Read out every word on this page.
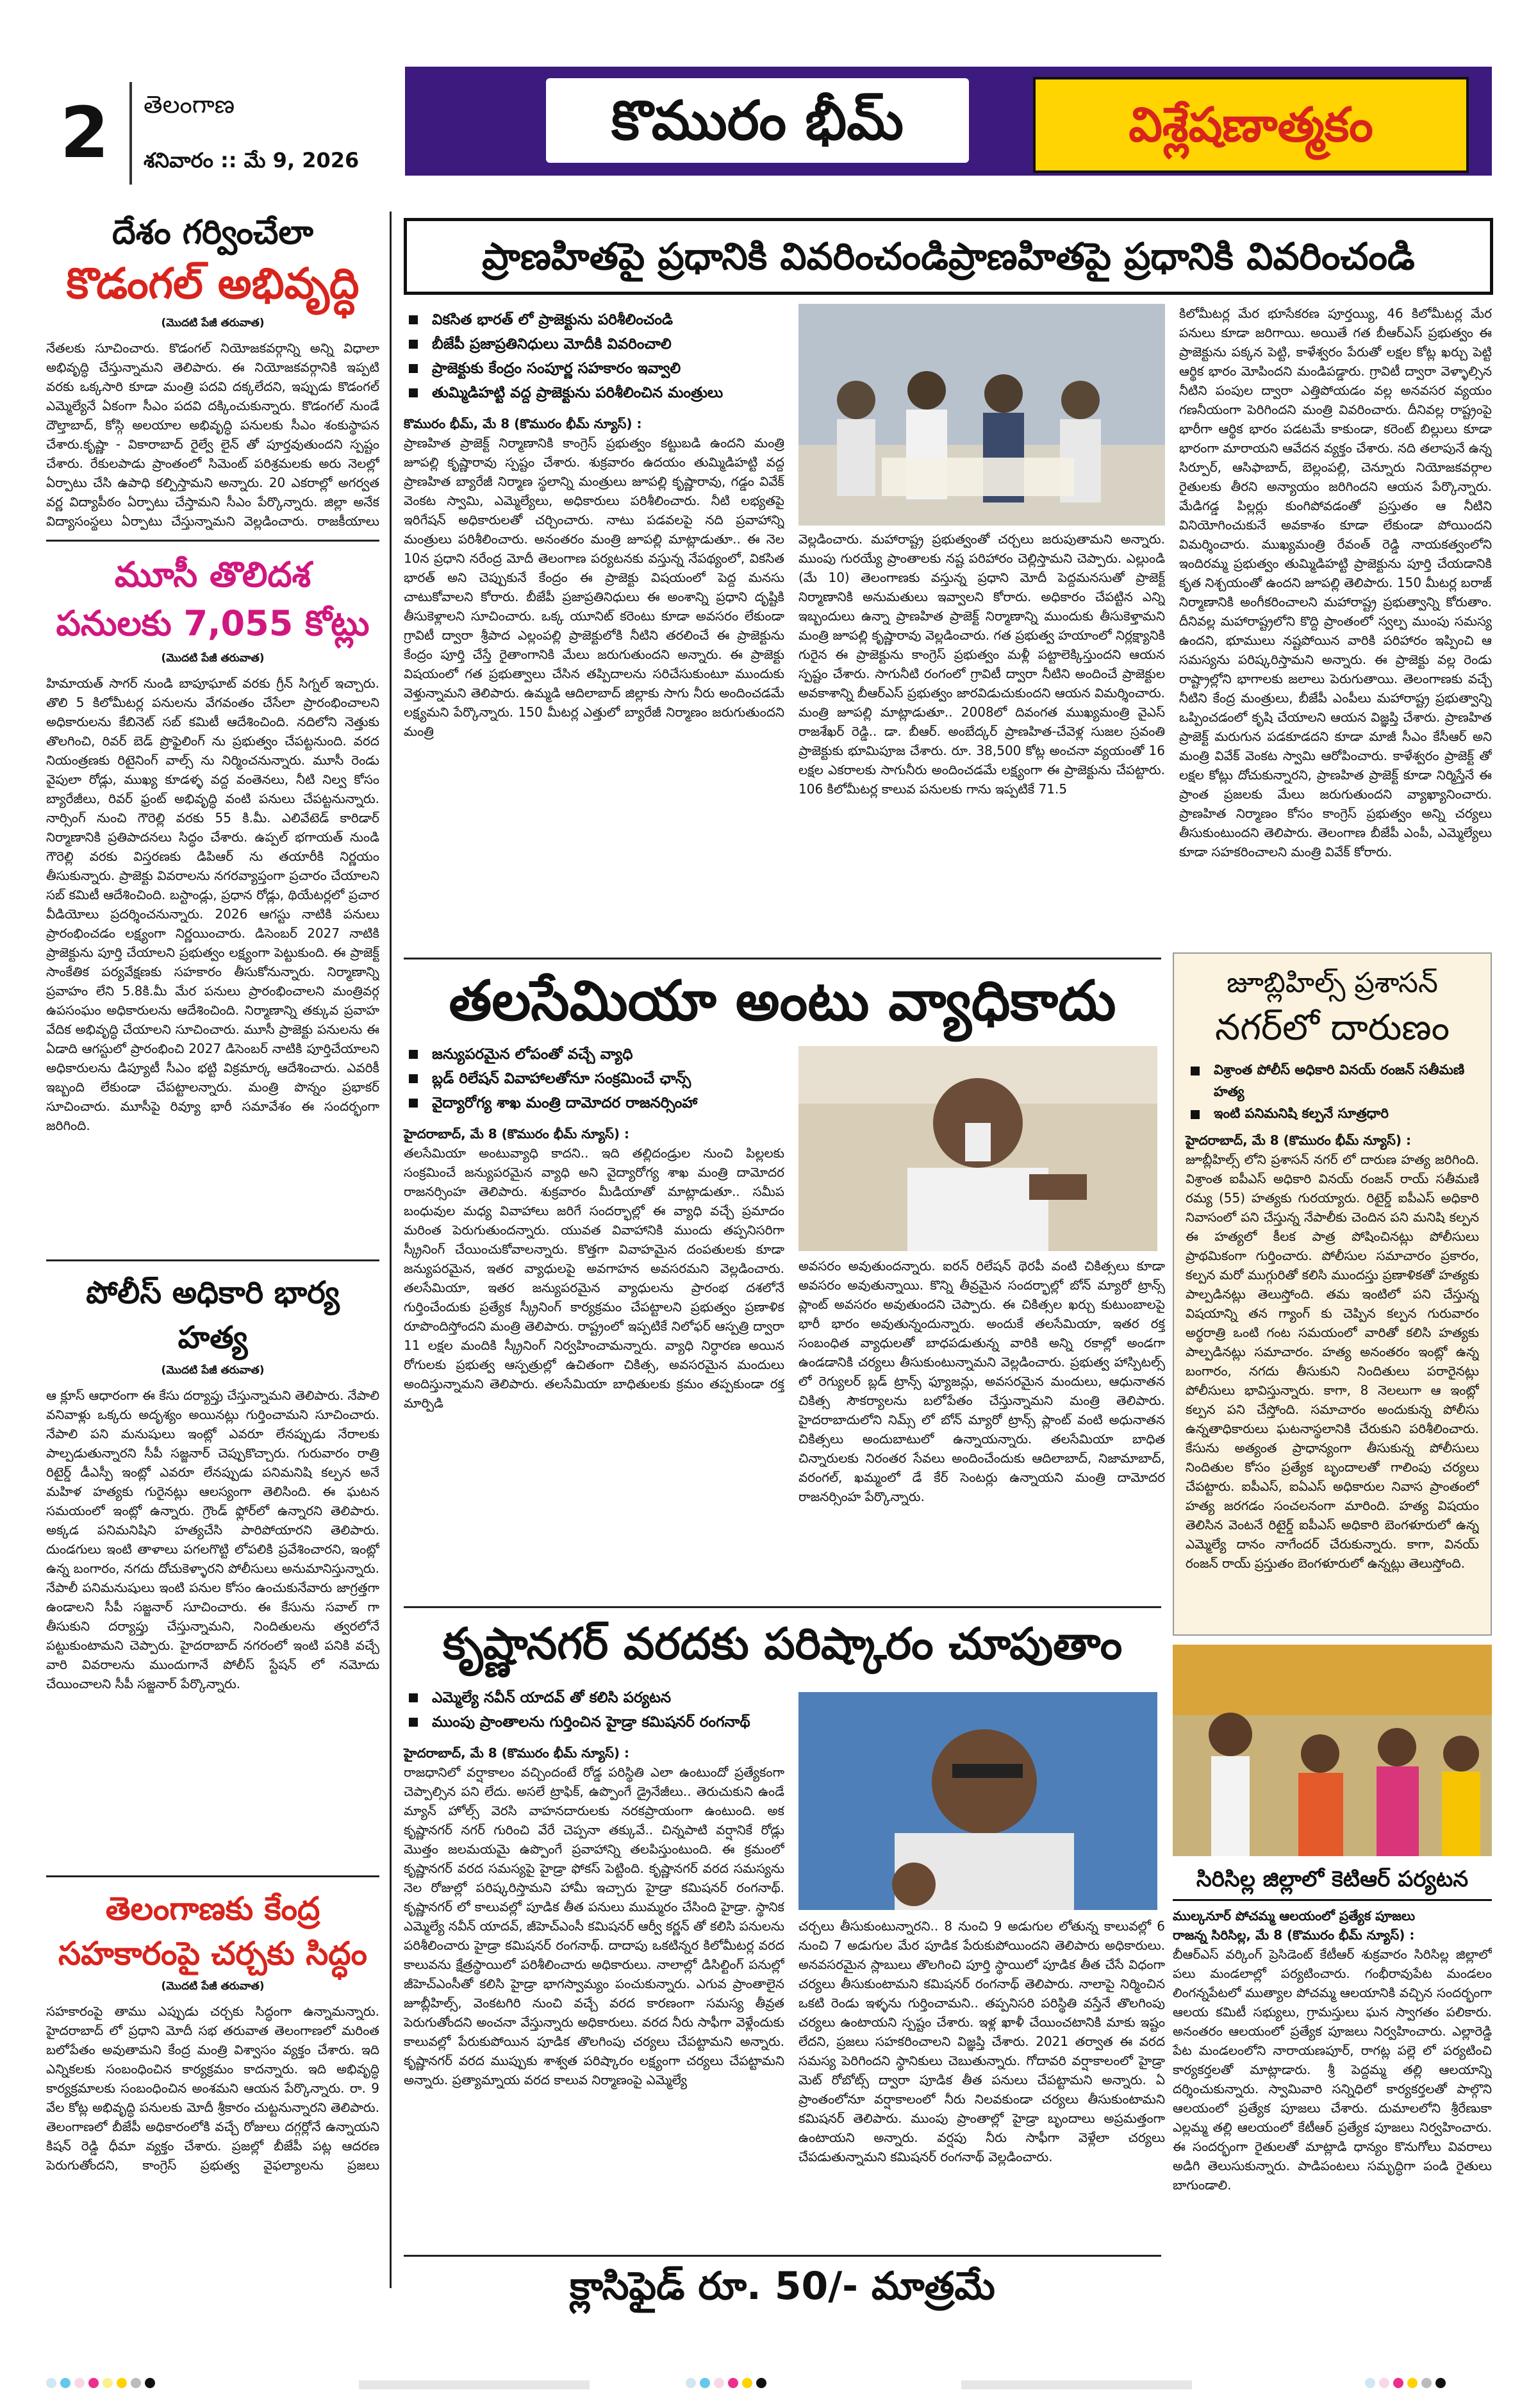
2	తెలంగాణ
శనివారం :: మే 9, 2026
కొమురం భీమ్	విశ్లేషణాత్మకం
దేశం గర్వించేలా
కొడంగల్ అభివృద్ధి
(మొదటి పేజీ తరువాత)

నేతలకు సూచించారు. కొడంగల్ నియోజకవర్గాన్ని అన్ని విధాలా అభివృద్ధి చేస్తున్నామని తెలిపారు. ఈ నియోజకవర్గానికి ఇప్పటి వరకు ఒక్కసారి కూడా మంత్రి పదవి దక్కలేదని, ఇప్పుడు కొడంగల్ ఎమ్మెల్యేనే ఏకంగా సీఎం పదవి దక్కించుకున్నారు. కొడంగల్ నుండే దౌల్తాబాద్, కోస్గి అలయాల అభివృద్ధి పనులకు సీఎం శంకుస్థాపన చేశారు.కృష్ణా - వికారాబాద్ రైల్వే లైన్ తో పూర్తవుతుందని స్పష్టం చేశారు. రేకులపాడు ప్రాంతంలో సిమెంట్ పరిశ్రమలకు అరు నెలల్లో ఏర్పాటు చేసి ఉపాధి కల్పిస్తామని అన్నారు. 20 ఎకరాల్లో అగర్వత వర్ణ విద్యాపీఠం ఏర్పాటు చేస్తామని సీఎం పేర్కొన్నారు. జిల్లా అనేక విద్యాసంస్థలు ఏర్పాటు చేస్తున్నామని వెల్లడించారు. రాజకీయాలు

మూసీ తొలిదశ
పనులకు 7,055 కోట్లు
(మొదటి పేజీ తరువాత)

హిమాయత్ సాగర్ నుండి బాపూఘాట్ వరకు గ్రీన్ సిగ్నల్ ఇచ్చారు. తొలి 5 కిలోమీటర్ల పనులను వేగవంతం చేసేలా ప్రారంభించాలని అధికారులను కేబినెట్ సబ్ కమిటీ ఆదేశించింది. నదిలోని నెత్తుకు తొలగించి, రివర్ బెడ్ ప్రొఫైలింగ్ ను ప్రభుత్వం చేపట్టనుంది. వరద నియంత్రణకు రిటైనింగ్ వాల్స్ ను నిర్మించనున్నారు. మూసీ రెండు వైపులా రోడ్లు, ముఖ్య కూడళ్ళ వద్ద వంతెనలు, నీటి నిల్వ కోసం బ్యారేజీలు, రివర్ ఫ్రంట్ అభివృద్ధి వంటి పనులు చేపట్టనున్నారు. నార్సింగ్ నుంచి గౌరెల్లి వరకు 55 కి.మీ. ఎలివేటెడ్ కారిడార్ నిర్మాణానికి ప్రతిపాదనలు సిద్ధం చేశారు. ఉప్పల్ భగాయత్ నుండి గౌరెల్లి వరకు విస్తరణకు డిపిఆర్ ను తయారీకి నిర్ణయం తీసుకున్నారు. ప్రాజెక్టు వివరాలను నగరవ్యాప్తంగా ప్రచారం చేయాలని సబ్ కమిటీ ఆదేశించింది. బస్టాండ్లు, ప్రధాన రోడ్లు, థియేటర్లలో ప్రచార వీడియోలు ప్రదర్శించనున్నారు. 2026 ఆగస్టు నాటికి పనులు ప్రారంభించడం లక్ష్యంగా నిర్ణయించారు. డిసెంబర్ 2027 నాటికి ప్రాజెక్టును పూర్తి చేయాలని ప్రభుత్వం లక్ష్యంగా పెట్టుకుంది. ఈ ప్రాజెక్ట్ సాంకేతిక పర్యవేక్షణకు సహకారం తీసుకోనున్నారు. నిర్మాణాన్ని ప్రవాహం లేని 5.8కి.మీ మేర పనులు ప్రారంభించాలని మంత్రివర్గ ఉపసంఘం అధికారులను ఆదేశించింది. నిర్మాణాన్ని తక్కువ ప్రవాహ వేదిక అభివృద్ధి చేయాలని సూచించారు. మూసీ ప్రాజెక్టు పనులను ఈ ఏడాది ఆగస్టులో ప్రారంభించి 2027 డిసెంబర్ నాటికి పూర్తిచేయాలని అధికారులను డిప్యూటీ సీఎం భట్టి విక్రమార్క ఆదేశించారు. ఎవరికీ ఇబ్బంది లేకుండా చేపట్టాలన్నారు. మంత్రి పొన్నం ప్రభాకర్ సూచించారు. మూసీపై రివ్యూ భారీ సమావేశం ఈ సందర్భంగా జరిగింది.

పోలీస్ అధికారి భార్య హత్య
(మొదటి పేజీ తరువాత)

ఆ క్లూస్ ఆధారంగా ఈ కేసు దర్యాప్తు చేస్తున్నామని తెలిపారు. నేపాలి వనివాళ్లు ఒక్కరు అదృశ్యం అయినట్లు గుర్తించామని సూచించారు. నేపాలి పని మనుషులు ఇంట్లో ఎవరూ లేనప్పుడు నేరాలకు పాల్పడుతున్నారని సీపీ సజ్జనార్ చెప్పుకొచ్చారు. గురువారం రాత్రి రిటైర్డ్ డీఎస్పీ ఇంట్లో ఎవరూ లేనప్పుడు పనిమనిషి కల్పన అనే మహిళ హత్యకు గురైనట్లు ఆలస్యంగా తెలిసింది. ఈ ఘటన సమయంలో ఇంట్లో ఉన్నారు. గ్రౌండ్ ఫ్లోర్‌లో ఉన్నారని తెలిపారు. అక్కడ పనిమనిషిని హత్యచేసి పారిపోయారని తెలిపారు. దుండగులు ఇంటి తాళాలు పగలగొట్టి లోపలికి ప్రవేశించారని, ఇంట్లో ఉన్న బంగారం, నగదు దోచుకెళ్ళారని పోలీసులు అనుమానిస్తున్నారు. నేపాలీ పనిమనుషులు ఇంటి పనుల కోసం ఉంచుకునేవారు జాగ్రత్తగా ఉండాలని సీపీ సజ్జనార్ సూచించారు. ఈ కేసును సవాల్ గా తీసుకుని దర్యాప్తు చేస్తున్నామని, నిందితులను త్వరలోనే పట్టుకుంటామని చెప్పారు. హైదరాబాద్ నగరంలో ఇంటి పనికి వచ్చే వారి వివరాలను ముందుగానే పోలీస్ స్టేషన్ లో నమోదు చేయించాలని సీపీ సజ్జనార్ పేర్కొన్నారు.

తెలంగాణకు కేంద్ర
సహకారంపై చర్చకు సిద్ధం
(మొదటి పేజీ తరువాత)

సహకారంపై తాము ఎప్పుడు చర్చకు సిద్ధంగా ఉన్నామన్నారు. హైదరాబాద్ లో ప్రధాని మోదీ సభ తరువాత తెలంగాణలో మరింత బలోపేతం అవుతామని కేంద్ర మంత్రి విశ్వాసం వ్యక్తం చేశారు. ఇది ఎన్నికలకు సంబంధించిన కార్యక్రమం కాదన్నారు. ఇది అభివృద్ధి కార్యక్రమాలకు సంబంధించిన అంశమని ఆయన పేర్కొన్నారు. రా. 9 వేల కోట్ల అభివృద్ధి పనులకు మోదీ శ్రీకారం చుట్టనున్నారని తెలిపారు. తెలంగాణలో బీజేపీ అధికారంలోకి వచ్చే రోజులు దగ్గర్లోనే ఉన్నాయని కిషన్ రెడ్డి ధీమా వ్యక్తం చేశారు. ప్రజల్లో బీజేపీ పట్ల ఆదరణ పెరుగుతోందని, కాంగ్రెస్ ప్రభుత్వ వైఫల్యాలను ప్రజలు

ప్రాణహితపై ప్రధానికి వివరించండిప్రాణహితపై ప్రధానికి వివరించండి
వికసిత భారత్ లో ప్రాజెక్టును పరిశీలించండి
బీజేపీ ప్రజాప్రతినిధులు మోదీకి వివరించాలి
ప్రాజెక్టుకు కేంద్రం సంపూర్ణ సహకారం ఇవ్వాలి
తుమ్మిడిహట్టి వద్ద ప్రాజెక్టును పరిశీలించిన మంత్రులు
కొమురం భీమ్, మే 8 (కొమురం భీమ్ న్యూస్) :

ప్రాణహిత ప్రాజెక్ట్ నిర్మాణానికి కాంగ్రెస్ ప్రభుత్వం కట్టుబడి ఉందని మంత్రి జూపల్లి కృష్ణారావు స్పష్టం చేశారు. శుక్రవారం ఉదయం తుమ్మిడిహట్టి వద్ద ప్రాణహిత బ్యారేజీ నిర్మాణ స్థలాన్ని మంత్రులు జూపల్లి కృష్ణారావు, గడ్డం వివేక్ వెంకట స్వామి, ఎమ్మెల్యేలు, అధికారులు పరిశీలించారు. నీటి లభ్యతపై ఇరిగేషన్ అధికారులతో చర్చించారు. నాటు పడవలపై నది ప్రవాహాన్ని మంత్రులు పరిశీలించారు. అనంతరం మంత్రి జూపల్లి మాట్లాడుతూ.. ఈ నెల 10న ప్రధాని నరేంద్ర మోదీ తెలంగాణ పర్యటనకు వస్తున్న నేపథ్యంలో, వికసిత భారత్ అని చెప్పుకునే కేంద్రం ఈ ప్రాజెక్టు విషయంలో పెద్ద మనసు చాటుకోవాలని కోరారు. బీజేపీ ప్రజాప్రతినిధులు ఈ అంశాన్ని ప్రధాని దృష్టికి తీసుకెళ్లాలని సూచించారు. ఒక్క యూనిట్ కరెంటు కూడా అవసరం లేకుండా గ్రావిటీ ద్వారా శ్రీపాద ఎల్లంపల్లి ప్రాజెక్టులోకి నీటిని తరలించే ఈ ప్రాజెక్టును కేంద్రం పూర్తి చేస్తే రైతాంగానికి మేలు జరుగుతుందని అన్నారు. ఈ ప్రాజెక్టు విషయంలో గత ప్రభుత్వాలు చేసిన తప్పిదాలను సరిచేసుకుంటూ ముందుకు వెళ్తున్నామని తెలిపారు. ఉమ్మడి ఆదిలాబాద్ జిల్లాకు సాగు నీరు అందించడమే లక్ష్యమని పేర్కొన్నారు. 150 మీటర్ల ఎత్తులో బ్యారేజీ నిర్మాణం జరుగుతుందని మంత్రి

వెల్లడించారు. మహారాష్ట్ర ప్రభుత్వంతో చర్చలు జరుపుతామని అన్నారు. ముంపు గురయ్యే ప్రాంతాలకు నష్ట పరిహారం చెల్లిస్తామని చెప్పారు. ఎల్లుండి (మే 10) తెలంగాణకు వస్తున్న ప్రధాని మోదీ పెద్దమనసుతో ప్రాజెక్ట్ నిర్మాణానికి అనుమతులు ఇవ్వాలని కోరారు. అధికారం చేపట్టిన ఎన్ని ఇబ్బందులు ఉన్నా ప్రాణహిత ప్రాజెక్ట్ నిర్మాణాన్ని ముందుకు తీసుకెళ్తామని మంత్రి జూపల్లి కృష్ణారావు వెల్లడించారు. గత ప్రభుత్వ హయాంలో నిర్లక్ష్యానికి గురైన ఈ ప్రాజెక్టును కాంగ్రెస్ ప్రభుత్వం మళ్లీ పట్టాలెక్కిస్తుందని ఆయన స్పష్టం చేశారు. సాగునీటి రంగంలో గ్రావిటీ ద్వారా నీటిని అందించే ప్రాజెక్టుల అవకాశాన్ని బీఆర్ఎస్ ప్రభుత్వం జారవిడుచుకుందని ఆయన విమర్శించారు. మంత్రి జూపల్లి మాట్లాడుతూ.. 2008లో దివంగత ముఖ్యమంత్రి వైఎస్ రాజశేఖర్ రెడ్డి.. డా. బీఆర్. అంబేద్కర్ ప్రాణహిత-చేవెళ్ల సుజల స్రవంతి ప్రాజెక్టుకు భూమిపూజ చేశారు. రూ. 38,500 కోట్ల అంచనా వ్యయంతో 16 లక్షల ఎకరాలకు సాగునీరు అందించడమే లక్ష్యంగా ఈ ప్రాజెక్టును చేపట్టారు. 106 కిలోమీటర్ల కాలువ పనులకు గాను ఇప్పటికే 71.5

కిలోమీటర్ల మేర భూసేకరణ పూర్తయ్యి, 46 కిలోమీటర్ల మేర పనులు కూడా జరిగాయి. అయితే గత బీఆర్ఎస్ ప్రభుత్వం ఈ ప్రాజెక్టును పక్కన పెట్టి, కాళేశ్వరం పేరుతో లక్షల కోట్ల ఖర్చు పెట్టి ఆర్థిక భారం మోపిందని మండిపడ్డారు. గ్రావిటీ ద్వారా వెళ్ళాల్సిన నీటిని పంపుల ద్వారా ఎత్తిపోయడం వల్ల అనవసర వ్యయం గణనీయంగా పెరిగిందని మంత్రి వివరించారు. దీనివల్ల రాష్ట్రంపై భారీగా ఆర్థిక భారం పడటమే కాకుండా, కరెంట్ బిల్లులు కూడా భారంగా మారాయని ఆవేదన వ్యక్తం చేశారు. నది తలాపునే ఉన్న సిర్పూర్, ఆసిఫాబాద్, బెల్లంపల్లి, చెన్నూరు నియోజకవర్గాల రైతులకు తీరని అన్యాయం జరిగిందని ఆయన పేర్కొన్నారు. మేడిగడ్డ పిల్లర్లు కుంగిపోవడంతో ప్రస్తుతం ఆ నీటిని వినియోగించుకునే అవకాశం కూడా లేకుండా పోయిందని విమర్శించారు. ముఖ్యమంత్రి రేవంత్ రెడ్డి నాయకత్వంలోని ఇందిరమ్మ ప్రభుత్వం తుమ్మిడిహట్టి ప్రాజెక్టును పూర్తి చేయడానికి కృత నిశ్చయంతో ఉందని జూపల్లి తెలిపారు. 150 మీటర్ల బరాజ్ నిర్మాణానికి అంగీకరించాలని మహారాష్ట్ర ప్రభుత్వాన్ని కోరుతాం. దీనివల్ల మహారాష్ట్రలోని కొద్ది ప్రాంతంలో స్వల్ప ముంపు సమస్య ఉందని, భూములు నష్టపోయిన వారికి పరిహారం ఇప్పించి ఆ సమస్యను పరిష్కరిస్తామని అన్నారు. ఈ ప్రాజెక్టు వల్ల రెండు రాష్ట్రాల్లోని భాగాలకు జలాలు పెరుగుతాయి. తెలంగాణకు వచ్చే నీటిని కేంద్ర మంత్రులు, బీజేపీ ఎంపీలు మహారాష్ట్ర ప్రభుత్వాన్ని ఒప్పించడంలో కృషి చేయాలని ఆయన విజ్ఞప్తి చేశారు. ప్రాణహిత ప్రాజెక్ట్ మరుగున పడకూడదని కూడా మాజీ సీఎం కేసీఆర్ అని మంత్రి వివేక్ వెంకట స్వామి ఆరోపించారు. కాళేశ్వరం ప్రాజెక్ట్ తో లక్షల కోట్లు దోచుకున్నారని, ప్రాణహిత ప్రాజెక్ట్ కూడా నిర్మిస్తేనే ఈ ప్రాంత ప్రజలకు మేలు జరుగుతుందని వ్యాఖ్యానించారు. ప్రాణహిత నిర్మాణం కోసం కాంగ్రెస్ ప్రభుత్వం అన్ని చర్యలు తీసుకుంటుందని తెలిపారు. తెలంగాణ బీజేపీ ఎంపీ, ఎమ్మెల్యేలు కూడా సహకరించాలని మంత్రి వివేక్ కోరారు.

తలసేమియా అంటు వ్యాధికాదు
జన్యుపరమైన లోపంతో వచ్చే వ్యాధి
బ్లడ్ రిలేషన్ వివాహాలతోనూ సంక్రమించే ఛాన్స్
వైద్యారోగ్య శాఖ మంత్రి దామోదర రాజనర్సింహా
హైదరాబాద్, మే 8 (కొమురం భీమ్ న్యూస్) :

తలసేమియా అంటువ్యాధి కాదని.. ఇది తల్లిదండ్రుల నుంచి పిల్లలకు సంక్రమించే జన్యుపరమైన వ్యాధి అని వైద్యారోగ్య శాఖ మంత్రి దామోదర రాజనర్సింహ తెలిపారు. శుక్రవారం మీడియాతో మాట్లాడుతూ.. సమీప బంధువుల మధ్య వివాహాలు జరిగే సందర్భాల్లో ఈ వ్యాధి వచ్చే ప్రమాదం మరింత పెరుగుతుందన్నారు. యువత వివాహానికి ముందు తప్పనిసరిగా స్క్రీనింగ్ చేయించుకోవాలన్నారు. కొత్తగా వివాహమైన దంపతులకు కూడా జన్యుపరమైన, ఇతర వ్యాధులపై అవగాహన అవసరమని వెల్లడించారు. తలసేమియా, ఇతర జన్యుపరమైన వ్యాధులను ప్రారంభ దశలోనే గుర్తించేందుకు ప్రత్యేక స్క్రీనింగ్ కార్యక్రమం చేపట్టాలని ప్రభుత్వం ప్రణాళిక రూపొందిస్తోందని మంత్రి తెలిపారు. రాష్ట్రంలో ఇప్పటికే నిలోఫర్ ఆస్పత్రి ద్వారా 11 లక్షల మందికి స్క్రీనింగ్ నిర్వహించామన్నారు. వ్యాధి నిర్ధారణ అయిన రోగులకు ప్రభుత్వ ఆస్పత్రుల్లో ఉచితంగా చికిత్స, అవసరమైన మందులు అందిస్తున్నామని తెలిపారు. తలసేమియా బాధితులకు క్రమం తప్పకుండా రక్త మార్పిడి

అవసరం అవుతుందన్నారు. ఐరన్ రిలేషన్ థెరపీ వంటి చికిత్సలు కూడా అవసరం అవుతున్నాయి. కొన్ని తీవ్రమైన సందర్భాల్లో బోన్ మ్యారో ట్రాన్స్ ప్లాంట్ అవసరం అవుతుందని చెప్పారు. ఈ చికిత్సల ఖర్చు కుటుంబాలపై భారీ భారం అవుతున్నందున్నారు. అందుకే తలసేమియా, ఇతర రక్త సంబంధిత వ్యాధులతో బాధపడుతున్న వారికి అన్ని రకాల్లో అండగా ఉండడానికి చర్యలు తీసుకుంటున్నామని వెల్లడించారు. ప్రభుత్వ హాస్పిటల్స్ లో రెగ్యులర్ బ్లడ్ ట్రాన్స్ ఫ్యూజన్లు, అవసరమైన మందులు, ఆధునాతన చికిత్స సౌకర్యాలను బలోపేతం చేస్తున్నామని మంత్రి తెలిపారు. హైదరాబాదులోని నిమ్స్ లో బోన్ మ్యారో ట్రాన్స్ ప్లాంట్ వంటి అధునాతన చికిత్సలు అందుబాటులో ఉన్నాయన్నారు. తలసేమియా బాధిత చిన్నారులకు నిరంతర సేవలు అందించేందుకు ఆదిలాబాద్, నిజామాబాద్, వరంగల్, ఖమ్మంలో డే కేర్ సెంటర్లు ఉన్నాయని మంత్రి దామోదర రాజనర్సింహ పేర్కొన్నారు.

కృష్ణానగర్ వరదకు పరిష్కారం చూపుతాం
ఎమ్మెల్యే నవీన్ యాదవ్ తో కలిసి పర్యటన
ముంపు ప్రాంతాలను గుర్తించిన హైడ్రా కమిషనర్ రంగనాథ్
హైదరాబాద్, మే 8 (కొమురం భీమ్ న్యూస్) :

రాజధానిలో వర్షాకాలం వచ్చిందంటే రోడ్డ పరిస్థితి ఎలా ఉంటుందో ప్రత్యేకంగా చెప్పాల్సిన పని లేదు. అసలే ట్రాఫిక్, ఉప్పొంగే డ్రైనేజీలు.. తెరుచుకుని ఉండే మ్యాన్ హోల్స్ వెరసి వాహనదారులకు నరకప్రాయంగా ఉంటుంది. అక కృష్ణానగర్ నగర్ గురించి వేరే చెప్పనా తక్కువే.. చిన్నపాటి వర్షానికే రోడ్లు మొత్తం జలమయమై ఉప్పొంగే ప్రవాహాన్ని తలపిస్తుంటుంది. ఈ క్రమంలో కృష్ణానగర్ వరద సమస్యపై హైడ్రా ఫోకస్ పెట్టింది. కృష్ణానగర్ వరద సమస్యను నెల రోజుల్లో పరిష్కరిస్తామని హామీ ఇచ్చారు హైడ్రా కమిషనర్ రంగనాథ్. కృష్ణానగర్ లో కాలువల్లో పూడిక తీత పనులు ముమ్మరం చేసింది హైడ్రా. స్థానిక ఎమ్మెల్యే నవీన్ యాదవ్, జీహెచ్ఎంసీ కమిషనర్ ఆర్వీ కర్ణన్ తో కలిసి పనులను పరిశీలించారు హైడ్రా కమిషనర్ రంగనాథ్. దాదాపు ఒకటిన్నర కిలోమీటర్ల వరద కాలువను క్షేత్రస్థాయిలో పరిశీలించారు అధికారులు. నాలాల్లో డిసిల్టింగ్ పనుల్లో జీహెచ్ఎంసీతో కలిసి హైడ్రా భాగస్వామ్యం పంచుకున్నారు. ఎగువ ప్రాంతాలైన జూబ్లీహిల్స్, వెంకటగిరి నుంచి వచ్చే వరద కారణంగా సమస్య తీవ్రత పెరుగుతోందని అంచనా వేస్తున్నారు అధికారులు. వరద నీరు సాఫీగా వెళ్లేందుకు కాలువల్లో పేరుకుపోయిన పూడిక తొలగింపు చర్యలు చేపట్టామని అన్నారు. కృష్ణానగర్ వరద ముప్పుకు శాశ్వత పరిష్కారం లక్ష్యంగా చర్యలు చేపట్టామని అన్నారు. ప్రత్యామ్నాయ వరద కాలువ నిర్మాణంపై ఎమ్మెల్యే

చర్చలు తీసుకుంటున్నారని.. 8 నుంచి 9 అడుగుల లోతున్న కాలువల్లో 6 నుంచి 7 అడుగుల మేర పూడిక పేరుకుపోయిందని తెలిపారు అధికారులు. అనవసరమైన స్లాబులు తొలగించి పూర్తి స్థాయిలో పూడిక తీత చేసే విధంగా చర్యలు తీసుకుంటామని కమిషనర్ రంగనాథ్ తెలిపారు. నాలాపై నిర్మించిన ఒకటి రెండు ఇళ్ళను గుర్తించామని.. తప్పనిసరి పరిస్థితి వస్తేనే తొలగింపు చర్యలు ఉంటాయని స్పష్టం చేశారు. ఇళ్ల ఖాళీ చేయించటానికి మాకు ఇష్టం లేదని, ప్రజలు సహకరించాలని విజ్ఞప్తి చేశారు. 2021 తర్వాత ఈ వరద సమస్య పెరిగిందని స్థానికులు చెబుతున్నారు. గోదావరి వర్షాకాలంలో హైడ్రా మెట్ రోబోట్స్ ద్వారా పూడిక తీత పనులు చేపట్టామని అన్నారు. ఏ ప్రాంతంలోనూ వర్షాకాలంలో నీరు నిలవకుండా చర్యలు తీసుకుంటామని కమిషనర్ తెలిపారు. ముంపు ప్రాంతాల్లో హైడ్రా బృందాలు అప్రమత్తంగా ఉంటాయని అన్నారు. వర్షపు నీరు సాఫీగా వెళ్లేలా చర్యలు చేపడుతున్నామని కమిషనర్ రంగనాథ్ వెల్లడించారు.

జూబ్లిహిల్స్ ప్రశాసన్
నగర్‌లో దారుణం
విశ్రాంత పోలీస్ అధికారి వినయ్ రంజన్ సతీమణి హత్య
ఇంటి పనిమనిషి కల్పనే సూత్రధారి
హైదరాబాద్, మే 8 (కొమురం భీమ్ న్యూస్) :

జూబ్లీహిల్స్ లోని ప్రశాసన్ నగర్ లో దారుణ హత్య జరిగింది. విశ్రాంత ఐపీఎస్ అధికారి వినయ్ రంజన్ రాయ్ సతీమణి రమ్య (55) హత్యకు గురయ్యారు. రిటైర్డ్ ఐపీఎస్ అధికారి నివాసంలో పని చేస్తున్న నేపాలీకు చెందిన పని మనిషి కల్పన ఈ హత్యలో కీలక పాత్ర పోషించినట్లు పోలీసులు ప్రాథమికంగా గుర్తించారు. పోలీసుల సమాచారం ప్రకారం, కల్పన మరో ముగ్గురితో కలిసి ముందస్తు ప్రణాళికతో హత్యకు పాల్పడినట్లు తెలుస్తోంది. తమ ఇంటిలో పని చేస్తున్న విషయాన్ని తన గ్యాంగ్ కు చెప్పిన కల్పన గురువారం అర్థరాత్రి ఒంటి గంట సమయంలో వారితో కలిసి హత్యకు పాల్పడినట్లు సమాచారం. హత్య అనంతరం ఇంట్లో ఉన్న బంగారం, నగదు తీసుకుని నిందితులు పరారైనట్లు పోలీసులు భావిస్తున్నారు. కాగా, 8 నెలలుగా ఆ ఇంట్లో కల్పన పని చేస్తోంది. సమాచారం అందుకున్న పోలీసు ఉన్నతాధికారులు ఘటనాస్థలానికి చేరుకుని పరిశీలించారు. కేసును అత్యంత ప్రాధాన్యంగా తీసుకున్న పోలీసులు నిందితుల కోసం ప్రత్యేక బృందాలతో గాలింపు చర్యలు చేపట్టారు. ఐపీఎస్, ఐఏఎస్ అధికారుల నివాస ప్రాంతంలో హత్య జరగడం సంచలనంగా మారింది. హత్య విషయం తెలిసిన వెంటనే రిటైర్డ్ ఐపీఎస్ అధికారి బెంగళూరులో ఉన్న ఎమ్మెల్యే దానం నాగేందర్ చేరుకున్నారు. కాగా, వినయ్ రంజన్ రాయ్ ప్రస్తుతం బెంగళూరులో ఉన్నట్లు తెలుస్తోంది.

సిరిసిల్ల జిల్లాలో కెటిఆర్ పర్యటన
ముల్కనూర్ పోచమ్మ ఆలయంలో ప్రత్యేక పూజలు
రాజన్న సిరిసిల్ల, మే 8 (కొమురం భీమ్ న్యూస్) :

బీఆర్ఎస్ వర్కింగ్ ప్రెసిడెంట్ కేటీఆర్ శుక్రవారం సిరిసిల్ల జిల్లాలో పలు మండలాల్లో పర్యటించారు. గంభీరావుపేట మండలం లింగన్నపేటలో ముత్యాల పోచమ్మ ఆలయానికి వచ్చిన సందర్భంగా ఆలయ కమిటీ సభ్యులు, గ్రామస్తులు ఘన స్వాగతం పలికారు. అనంతరం ఆలయంలో ప్రత్యేక పూజలు నిర్వహించారు. ఎల్లారెడ్డి పేట మండలంలోని నారాయణపూర్, రాగట్ల పల్లె లో పర్యటించి కార్యకర్తలతో మాట్లాడారు. శ్రీ పెద్దమ్మ తల్లి ఆలయాన్ని దర్శించుకున్నారు. స్వామివారి సన్నిధిలో కార్యకర్తలతో పాల్గొని ఆలయంలో ప్రత్యేక పూజలు చేశారు. దుమాలలోని శ్రీరేణుకా ఎల్లమ్మ తల్లి ఆలయంలో కేటీఆర్ ప్రత్యేక పూజలు నిర్వహించారు. ఈ సందర్భంగా రైతులతో మాట్లాడి ధాన్యం కొనుగోలు వివరాలు అడిగి తెలుసుకున్నారు. పాడిపంటలు సమృద్ధిగా పండి రైతులు బాగుండాలి.

క్లాసిఫైడ్ రూ. 50/- మాత్రమే
